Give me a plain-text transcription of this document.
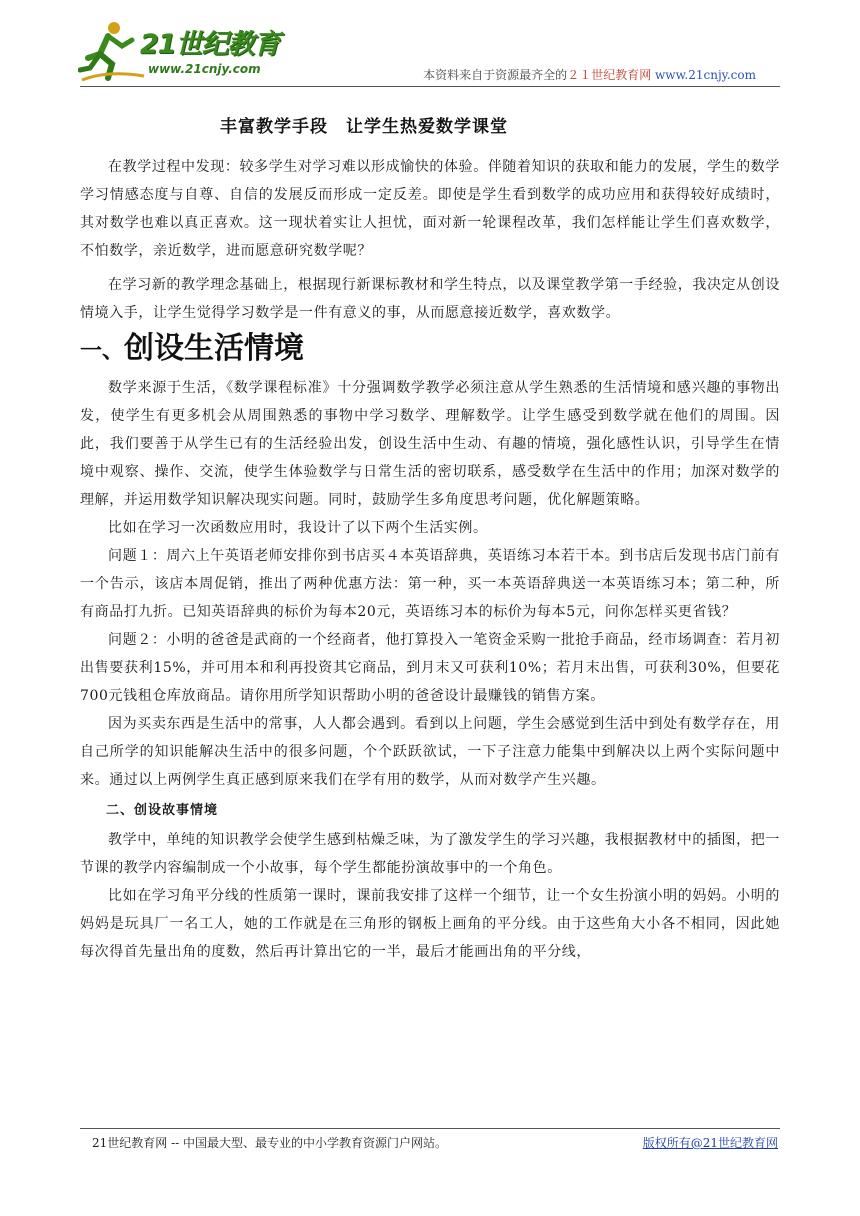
21世纪教育
www.21cnjy.com	本资料来自于资源最齐全的２１世纪教育网 www.21cnjy.com
丰富教学手段　让学生热爱数学课堂

在教学过程中发现：较多学生对学习难以形成愉快的体验。伴随着知识的获取和能力的发展，学生的数学学习情感态度与自尊、自信的发展反而形成一定反差。即使是学生看到数学的成功应用和获得较好成绩时，其对数学也难以真正喜欢。这一现状着实让人担忧，面对新一轮课程改革，我们怎样能让学生们喜欢数学，不怕数学，亲近数学，进而愿意研究数学呢？

在学习新的教学理念基础上，根据现行新课标教材和学生特点，以及课堂教学第一手经验，我决定从创设情境入手，让学生觉得学习数学是一件有意义的事，从而愿意接近数学，喜欢数学。

一、创设生活情境

数学来源于生活，《数学课程标准》十分强调数学教学必须注意从学生熟悉的生活情境和感兴趣的事物出发，使学生有更多机会从周围熟悉的事物中学习数学、理解数学。让学生感受到数学就在他们的周围。因此，我们要善于从学生已有的生活经验出发，创设生活中生动、有趣的情境，强化感性认识，引导学生在情境中观察、操作、交流，使学生体验数学与日常生活的密切联系，感受数学在生活中的作用；加深对数学的理解，并运用数学知识解决现实问题。同时，鼓励学生多角度思考问题，优化解题策略。

比如在学习一次函数应用时，我设计了以下两个生活实例。

问题１：周六上午英语老师安排你到书店买４本英语辞典，英语练习本若干本。到书店后发现书店门前有一个告示，该店本周促销，推出了两种优惠方法：第一种，买一本英语辞典送一本英语练习本；第二种，所有商品打九折。已知英语辞典的标价为每本20元，英语练习本的标价为每本5元，问你怎样买更省钱？

问题２：小明的爸爸是武商的一个经商者，他打算投入一笔资金采购一批抢手商品，经市场调查：若月初出售要获利15%，并可用本和利再投资其它商品，到月末又可获利10%；若月末出售，可获利30%，但要花700元钱租仓库放商品。请你用所学知识帮助小明的爸爸设计最赚钱的销售方案。

因为买卖东西是生活中的常事，人人都会遇到。看到以上问题，学生会感觉到生活中到处有数学存在，用自己所学的知识能解决生活中的很多问题，个个跃跃欲试，一下子注意力能集中到解决以上两个实际问题中来。通过以上两例学生真正感到原来我们在学有用的数学，从而对数学产生兴趣。

二、创设故事情境

教学中，单纯的知识教学会使学生感到枯燥乏味，为了激发学生的学习兴趣，我根据教材中的插图，把一节课的教学内容编制成一个小故事，每个学生都能扮演故事中的一个角色。

比如在学习角平分线的性质第一课时，课前我安排了这样一个细节，让一个女生扮演小明的妈妈。小明的妈妈是玩具厂一名工人，她的工作就是在三角形的钢板上画角的平分线。由于这些角大小各不相同，因此她每次得首先量出角的度数，然后再计算出它的一半，最后才能画出角的平分线，

21世纪教育网 -- 中国最大型、最专业的中小学教育资源门户网站。	版权所有@21世纪教育网
